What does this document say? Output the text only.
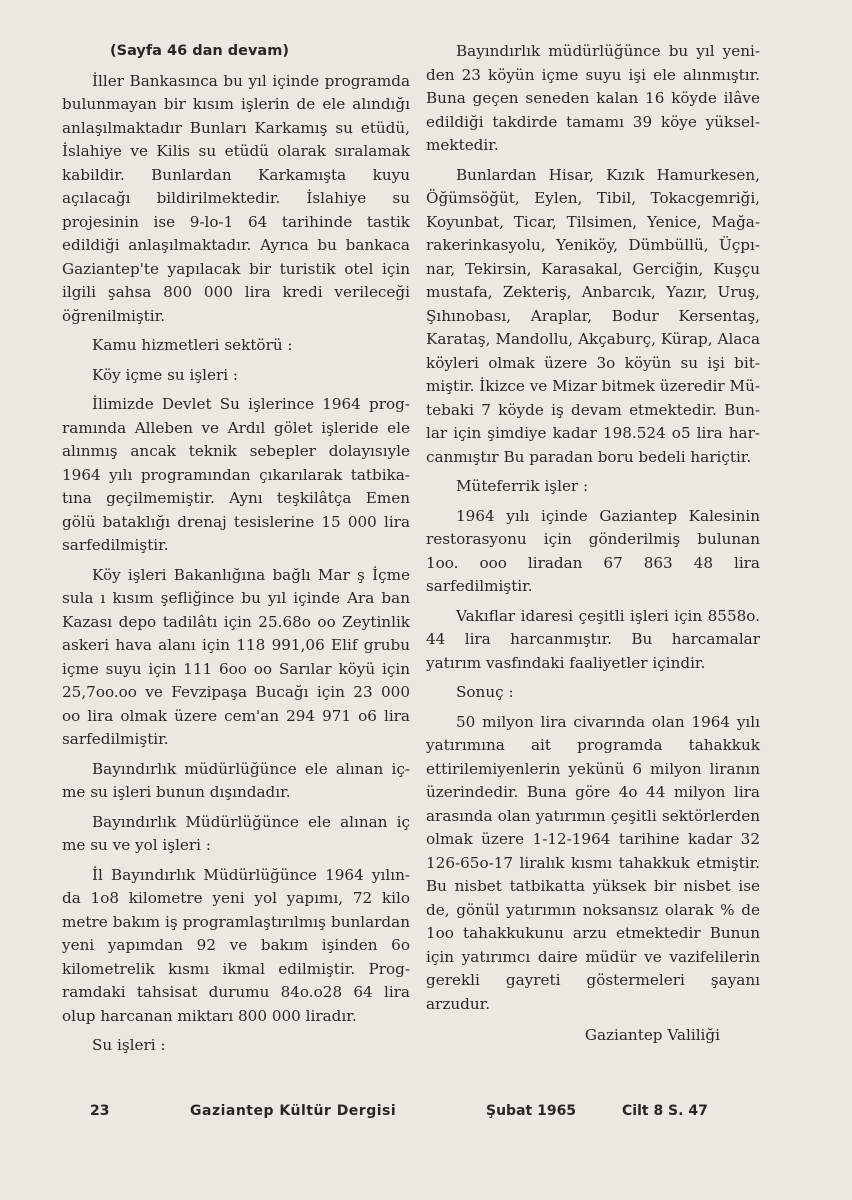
(Sayfa 46 dan devam)

İller Bankasınca bu yıl içinde programda bulunmayan bir kısım işlerin de ele alındığı anlaşılmaktadır Bunları Karkamış su etüdü, İslahiye ve Kilis su etüdü olarak sıralamak kabildir. Bunlardan Karkamışta kuyu açılacağı bildirilmektedir. İslahiye su projesinin ise 9-lo-1 64 tarihinde tastik edildiği anlaşılmaktadır. Ayrıca bu bankaca Gaziantep'te yapılacak bir turistik otel için ilgili şahsa 800 000 lira kredi verileceği öğrenilmiştir.

Kamu hizmetleri sektörü :

Köy içme su işleri :

İlimizde Devlet Su işlerince 1964 programında Alleben ve Ardıl gölet işleride ele alınmış ancak teknik sebepler dolayısıyle 1964 yılı programından çıkarılarak tatbikatına geçilmemiştir. Aynı teşkilâtça Emen gölü bataklığı drenaj tesislerine 15 000 lira sarfedilmiştir.

Köy işleri Bakanlığına bağlı Mar ş İçme sula ı kısım şefliğince bu yıl içinde Ara ban Kazası depo tadilâtı için 25.68o oo Zeytinlik askeri hava alanı için 118 991,06 Elif grubu içme suyu için 111 6oo oo Sarılar köyü için 25,7oo.oo ve Fevzipaşa Bucağı için 23 000 oo lira olmak üzere cem'an 294 971 o6 lira sarfedilmiştir.

Bayındırlık müdürlüğünce ele alınan içme su işleri bunun dışındadır.

Bayındırlık Müdürlüğünce ele alınan iç me su ve yol işleri :

İl Bayındırlık Müdürlüğünce 1964 yılında 1o8 kilometre yeni yol yapımı, 72 kilo metre bakım iş programlaştırılmış bunlardan yeni yapımdan 92 ve bakım işinden 6o kilometrelik kısmı ikmal edilmiştir. Programdaki tahsisat durumu 84o.o28 64 lira olup harcanan miktarı 800 000 liradır.

Su işleri :

Bayındırlık müdürlüğünce bu yıl yeniden 23 köyün içme suyu işi ele alınmıştır. Buna geçen seneden kalan 16 köyde ilâve edildiği takdirde tamamı 39 köye yükselmektedir.

Bunlardan Hisar, Kızık Hamurkesen, Öğümsöğüt, Eylen, Tibil, Tokacgemriği, Koyunbat, Ticar, Tilsimen, Yenice, Mağarakerinkasyolu, Yeniköy, Dümbüllü, Üçpınar, Tekirsin, Karasakal, Gerciğin, Kuşçu mustafa, Zekteriş, Anbarcık, Yazır, Uruş, Şıhınobası, Araplar, Bodur Kersentaş, Karataş, Mandollu, Akçaburç, Kürap, Alaca köyleri olmak üzere 3o köyün su işi bitmiştir. İkizce ve Mizar bitmek üzeredir Mütebaki 7 köyde iş devam etmektedir. Bunlar için şimdiye kadar 198.524 o5 lira harcanmıştır Bu paradan boru bedeli hariçtir.

Müteferrik işler :

1964 yılı içinde Gaziantep Kalesinin restorasyonu için gönderilmiş bulunan 1oo. ooo liradan 67 863 48 lira sarfedilmiştir.

Vakıflar idaresi çeşitli işleri için 8558o. 44 lira harcanmıştır. Bu harcamalar yatırım vasfındaki faaliyetler içindir.

Sonuç :

50 milyon lira civarında olan 1964 yılı yatırımına ait programda tahakkuk ettirilemiyenlerin yekünü 6 milyon liranın üzerindedir. Buna göre 4o 44 milyon lira arasında olan yatırımın çeşitli sektörlerden olmak üzere 1-12-1964 tarihine kadar 32 126-65o-17 liralık kısmı tahakkuk etmiştir. Bu nisbet tatbikatta yüksek bir nisbet ise de, gönül yatırımın noksansız olarak % de 1oo tahakkukunu arzu etmektedir Bunun için yatırımcı daire müdür ve vazifelilerin gerekli gayreti göstermeleri şayanı arzudur.

Gaziantep Valiliği

23	Gaziantep Kültür Dergisi	Şubat 1965	Cilt 8 S. 47
